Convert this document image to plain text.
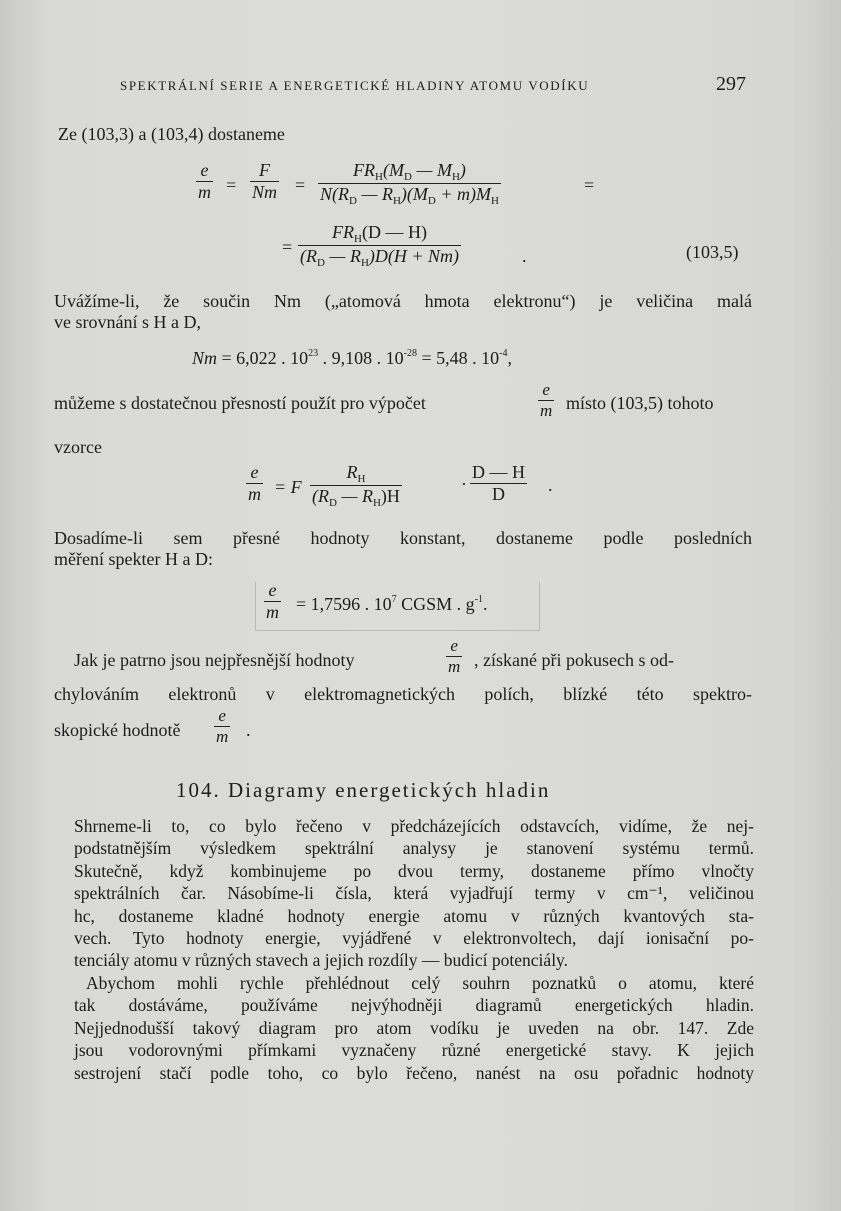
SPEKTRÁLNÍ SERIE A ENERGETICKÉ HLADINY ATOMU VODÍKU	297
Ze (103,3) a (103,4) dostaneme
e
m =
F
Nm =
$FR_H(M_D$ — $M_H$)
$N(R_D$ — $R_H)(M_D + m)M_H$
=
=
$FR_H(D$ — H)
($R_D$ — $R_H)D(H + Nm)$	.	(103,5)
Uvážíme-li, že součin Nm („atomová hmota elektronu“) je veličina malá
ve srovnání s H a D,
Nm = 6,022 . $10^{23}$ . 9,108 . $10^{-28} = 5,48$ . $10^{-4}$,
můžeme s dostatečnou přesností použít pro výpočet
e
m místo (103,5) tohoto
vzorce
e
m = F
$R_H$
($R_D$ — $R_H)H$
·
D — H
D .
Dosadíme-li sem přesné hodnoty konstant, dostaneme podle posledních
měření spekter H a D:
e
m = 1,7596 . $10^7$ CGSM . $g^{-1}$.
Jak je patrno jsou nejpřesnější hodnoty
e
m , získané při pokusech s od-
chylováním elektronů v elektromagnetických polích, blízké této spektro-
skopické hodnotě
e
m .
104. Diagramy energetických hladin
Shrneme-li to, co bylo řečeno v předcházejících odstavcích, vidíme, že nej-
podstatnějším výsledkem spektrální analysy je stanovení systému termů.
Skutečně, když kombinujeme po dvou termy, dostaneme přímo vlnočty
spektrálních čar. Násobíme-li čísla, která vyjadřují termy v cm⁻¹, veličinou
hc, dostaneme kladné hodnoty energie atomu v různých kvantových sta-
vech. Tyto hodnoty energie, vyjádřené v elektronvoltech, dají ionisační po-
tenciály atomu v různých stavech a jejich rozdíly — budicí potenciály.
Abychom mohli rychle přehlédnout celý souhrn poznatků o atomu, které
tak dostáváme, používáme nejvýhodněji diagramů energetických hladin.
Nejjednodušší takový diagram pro atom vodíku je uveden na obr. 147. Zde
jsou vodorovnými přímkami vyznačeny různé energetické stavy. K jejich
sestrojení stačí podle toho, co bylo řečeno, nanést na osu pořadnic hodnoty
